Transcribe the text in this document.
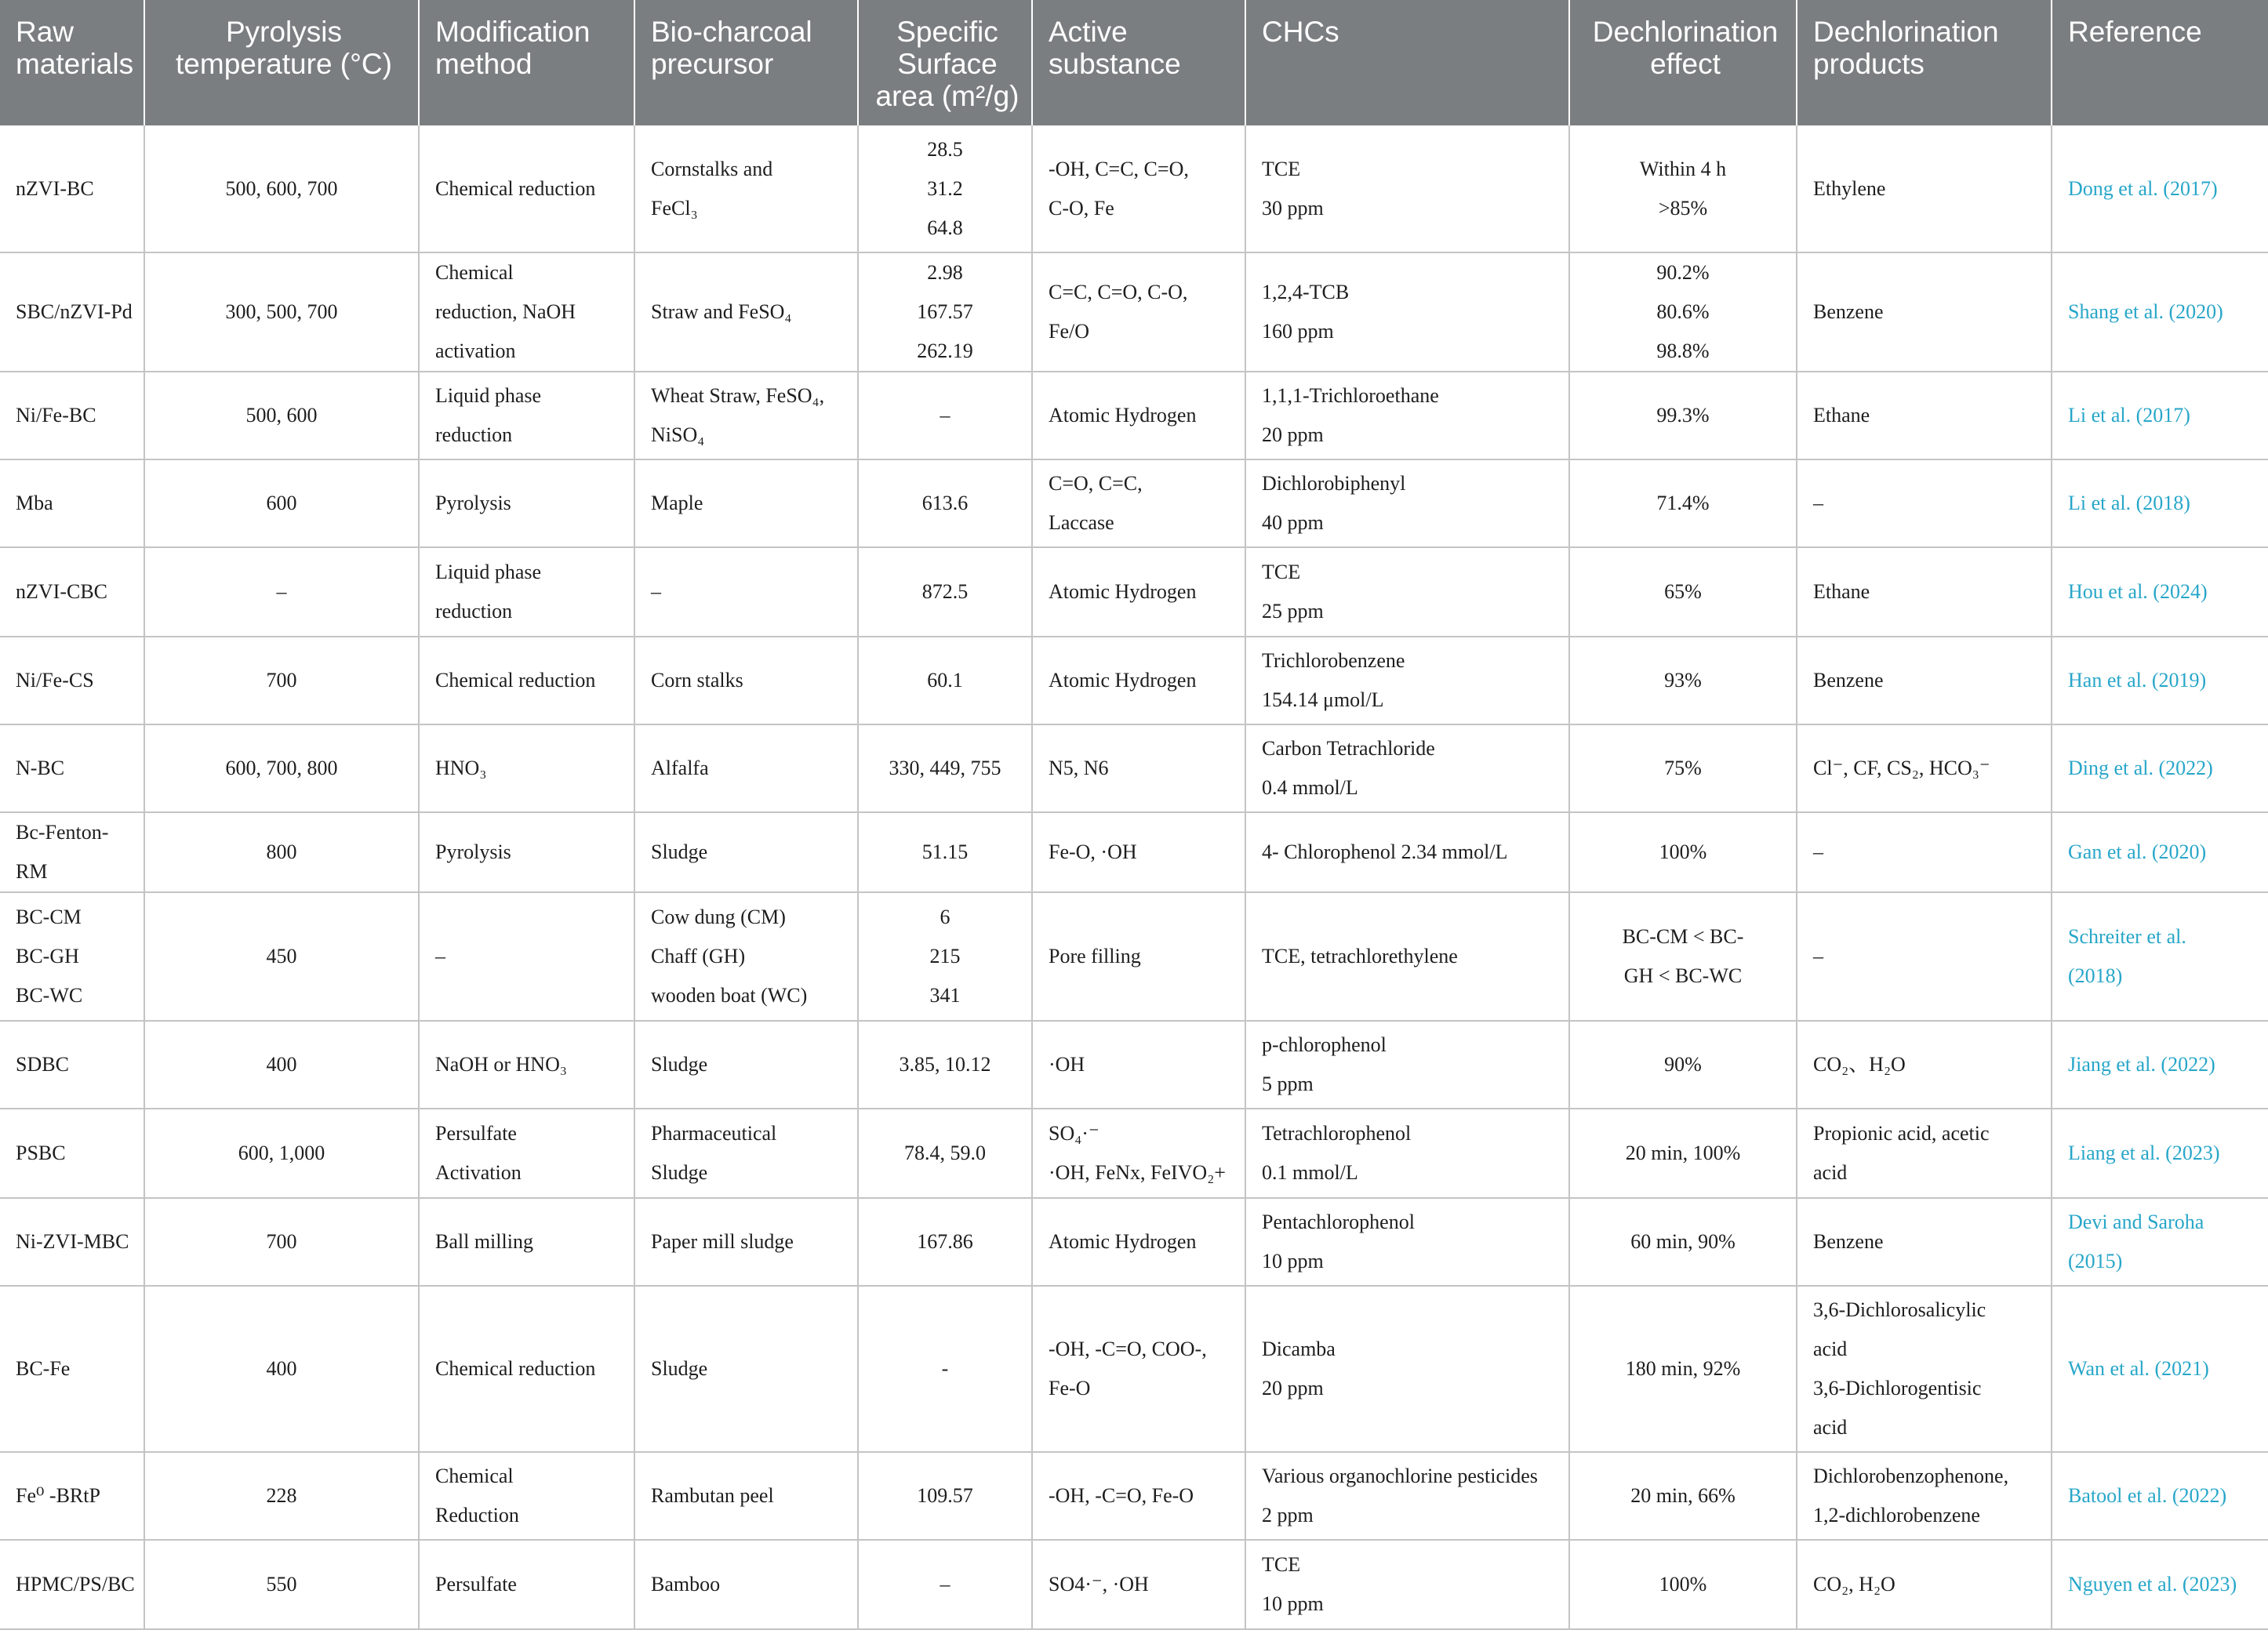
Raw materials	Pyrolysis temperature (°C)	Modification method	Bio-charcoal precursor	Specific Surface area (m²/g)	Active substance	CHCs	Dechlorination effect	Dechlorination products	Reference

nZVI-BC	500, 600, 700	Chemical reduction	Cornstalks and
FeCl₃	28.5
31.2
64.8	-OH, C=C, C=O,
C-O, Fe	TCE
30 ppm	Within 4 h
>85%	Ethylene	Dong et al. (2017)

SBC/nZVI-Pd	300, 500, 700	Chemical
reduction, NaOH
activation	Straw and FeSO₄	2.98
167.57
262.19	C=C, C=O, C-O,
Fe/O	1,2,4-TCB
160 ppm	90.2%
80.6%
98.8%	Benzene	Shang et al. (2020)

Ni/Fe-BC	500, 600	Liquid phase
reduction	Wheat Straw, FeSO₄,
NiSO₄	–	Atomic Hydrogen	1,1,1-Trichloroethane
20 ppm	99.3%	Ethane	Li et al. (2017)

Mba	600	Pyrolysis	Maple	613.6	C=O, C=C,
Laccase	Dichlorobiphenyl
40 ppm	71.4%	–	Li et al. (2018)

nZVI-CBC	–	Liquid phase
reduction	–	872.5	Atomic Hydrogen	TCE
25 ppm	65%	Ethane	Hou et al. (2024)

Ni/Fe-CS	700	Chemical reduction	Corn stalks	60.1	Atomic Hydrogen	Trichlorobenzene
154.14 μmol/L	93%	Benzene	Han et al. (2019)

N-BC	600, 700, 800	HNO₃	Alfalfa	330, 449, 755	N5, N6	Carbon Tetrachloride
0.4 mmol/L	75%	Cl⁻, CF, CS₂, HCO₃⁻	Ding et al. (2022)

Bc-Fenton-RM	800	Pyrolysis	Sludge	51.15	Fe-O, ·OH	4- Chlorophenol 2.34 mmol/L	100%	–	Gan et al. (2020)

BC-CM
BC-GH
BC-WC	450	–	Cow dung (CM)
Chaff (GH)
wooden boat (WC)	6
215
341	Pore filling	TCE, tetrachlorethylene	BC-CM < BC-
GH < BC-WC	–	Schreiter et al.
(2018)

SDBC	400	NaOH or HNO₃	Sludge	3.85, 10.12	·OH	p-chlorophenol
5 ppm	90%	CO₂、H₂O	Jiang et al. (2022)

PSBC	600, 1,000	Persulfate
Activation	Pharmaceutical
Sludge	78.4, 59.0	SO₄·⁻
·OH, FeNx, FeIVO₂+	Tetrachlorophenol
0.1 mmol/L	20 min, 100%	Propionic acid, acetic
acid	Liang et al. (2023)

Ni-ZVI-MBC	700	Ball milling	Paper mill sludge	167.86	Atomic Hydrogen	Pentachlorophenol
10 ppm	60 min, 90%	Benzene	Devi and Saroha
(2015)

BC-Fe	400	Chemical reduction	Sludge	-	-OH, -C=O, COO-,
Fe-O	Dicamba
20 ppm	180 min, 92%	3,6-Dichlorosalicylic
acid
3,6-Dichlorogentisic
acid	Wan et al. (2021)

Fe⁰ -BRtP	228	Chemical
Reduction	Rambutan peel	109.57	-OH, -C=O, Fe-O	Various organochlorine pesticides
2 ppm	20 min, 66%	Dichlorobenzophenone,
1,2-dichlorobenzene	Batool et al. (2022)

HPMC/PS/BC	550	Persulfate	Bamboo	–	SO4·⁻, ·OH	TCE
10 ppm	100%	CO₂, H₂O	Nguyen et al. (2023)
